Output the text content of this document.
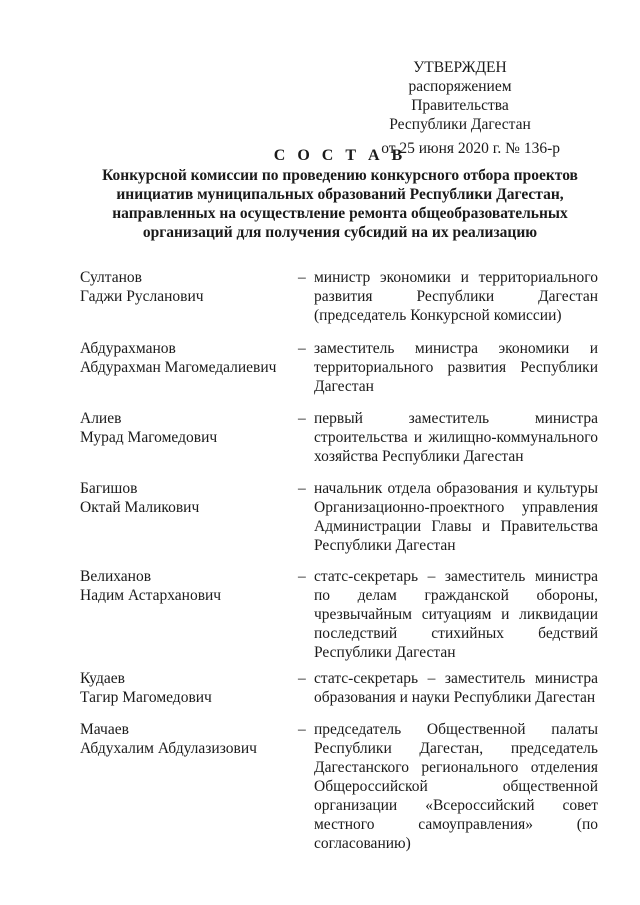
УТВЕРЖДЕН
распоряжением Правительства
Республики Дагестан
от 25 июня 2020 г. № 136-р
С О С Т А В
Конкурсной комиссии по проведению конкурсного отбора проектов инициатив муниципальных образований Республики Дагестан, направленных на осуществление ремонта общеобразовательных организаций для получения субсидий на их реализацию
Султанов
Гаджи Русланович
– министр экономики и территориального развития Республики Дагестан (председатель Конкурсной комиссии)
Абдурахманов
Абдурахман Магомедалиевич
– заместитель министра экономики и территориального развития Республики Дагестан
Алиев
Мурад Магомедович
– первый заместитель министра строительства и жилищно-коммунального хозяйства Республики Дагестан
Багишов
Октай Маликович
– начальник отдела образования и культуры Организационно-проектного управления Администрации Главы и Правительства Республики Дагестан
Велиханов
Надим Астарханович
– статс-секретарь – заместитель министра по делам гражданской обороны, чрезвычайным ситуациям и ликвидации последствий стихийных бедствий Республики Дагестан
Кудаев
Тагир Магомедович
– статс-секретарь – заместитель министра образования и науки Республики Дагестан
Мачаев
Абдухалим Абдулазизович
– председатель Общественной палаты Республики Дагестан, председатель Дагестанского регионального отделения Общероссийской общественной организации «Всероссийский совет местного самоуправления» (по согласованию)
